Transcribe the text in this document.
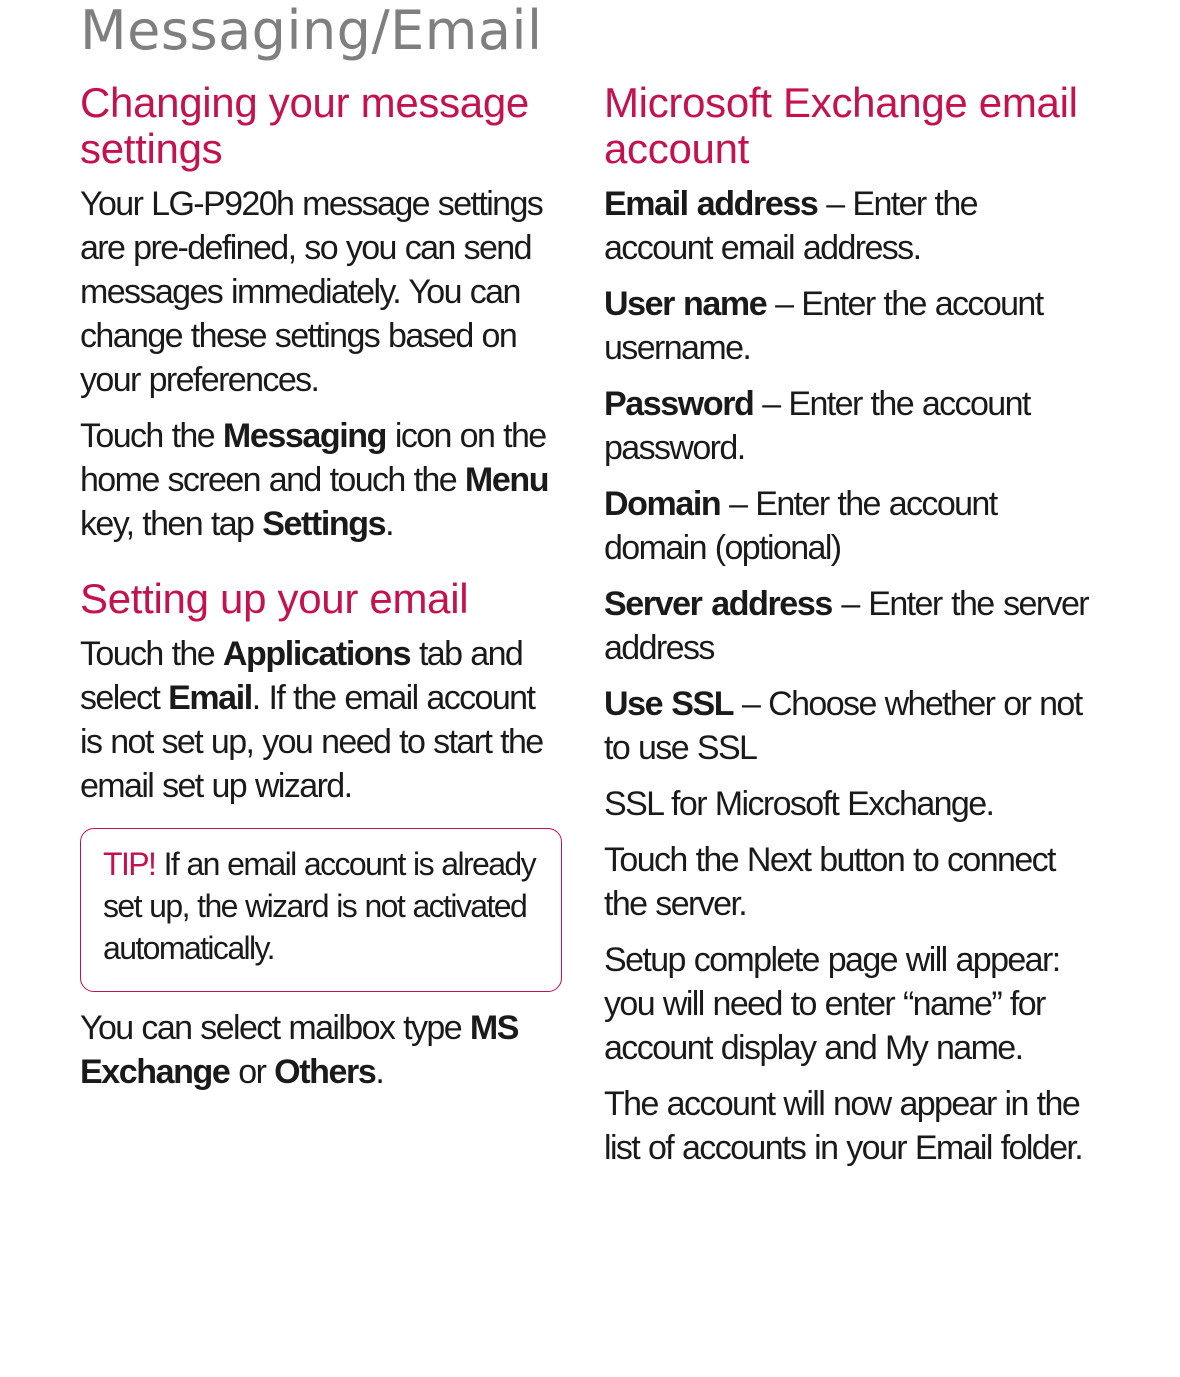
Messaging/Email
Changing your message settings

Your LG-P920h message settings are pre-defined, so you can send messages immediately. You can change these settings based on your preferences.

Touch the Messaging icon on the home screen and touch the Menu key, then tap Settings.

Setting up your email

Touch the Applications tab and select Email. If the email account is not set up, you need to start the email set up wizard.

TIP! If an email account is already set up, the wizard is not activated automatically.

You can select mailbox type MS Exchange or Others.

Microsoft Exchange email account

Email address – Enter the account email address.

User name – Enter the account username.

Password – Enter the account password.

Domain – Enter the account domain (optional)

Server address – Enter the server address

Use SSL – Choose whether or not to use SSL

SSL for Microsoft Exchange.

Touch the Next button to connect the server.

Setup complete page will appear: you will need to enter “name” for account display and My name.

The account will now appear in the list of accounts in your Email folder.
